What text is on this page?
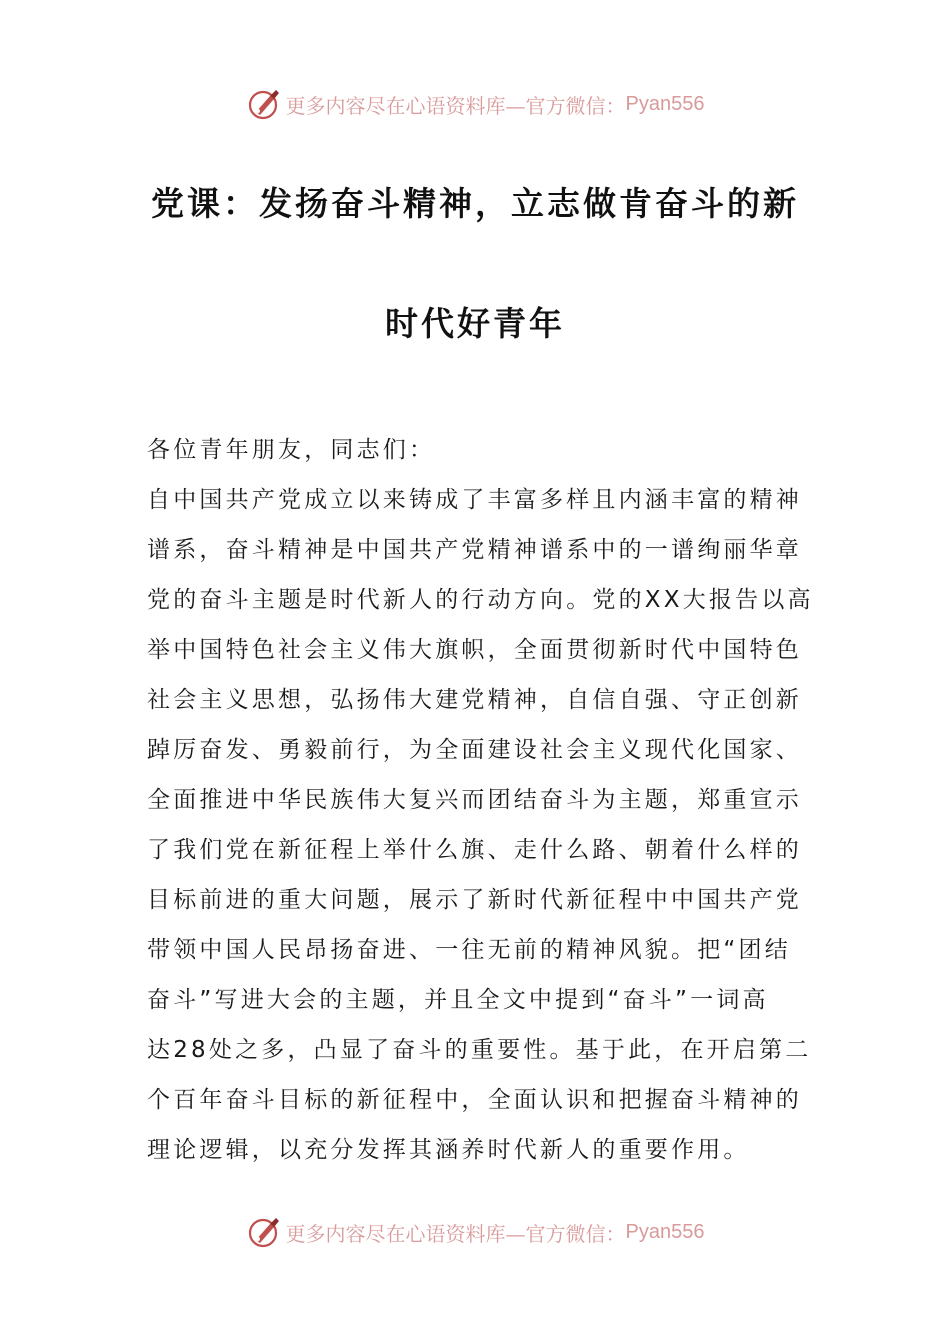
更多内容尽在心语资料库—官方微信： Pyan556
党课：发扬奋斗精神，立志做肯奋斗的新
时代好青年
各位青年朋友，同志们：
自中国共产党成立以来铸成了丰富多样且内涵丰富的精神
谱系，奋斗精神是中国共产党精神谱系中的一谱绚丽华章
党的奋斗主题是时代新人的行动方向。党的XX大报告以高
举中国特色社会主义伟大旗帜，全面贯彻新时代中国特色
社会主义思想，弘扬伟大建党精神，自信自强、守正创新
踔厉奋发、勇毅前行，为全面建设社会主义现代化国家、
全面推进中华民族伟大复兴而团结奋斗为主题，郑重宣示
了我们党在新征程上举什么旗、走什么路、朝着什么样的
目标前进的重大问题，展示了新时代新征程中中国共产党
带领中国人民昂扬奋进、一往无前的精神风貌。把“团结
奋斗”写进大会的主题，并且全文中提到“奋斗”一词高
达28处之多，凸显了奋斗的重要性。基于此，在开启第二
个百年奋斗目标的新征程中，全面认识和把握奋斗精神的
理论逻辑，以充分发挥其涵养时代新人的重要作用。
更多内容尽在心语资料库—官方微信： Pyan556
